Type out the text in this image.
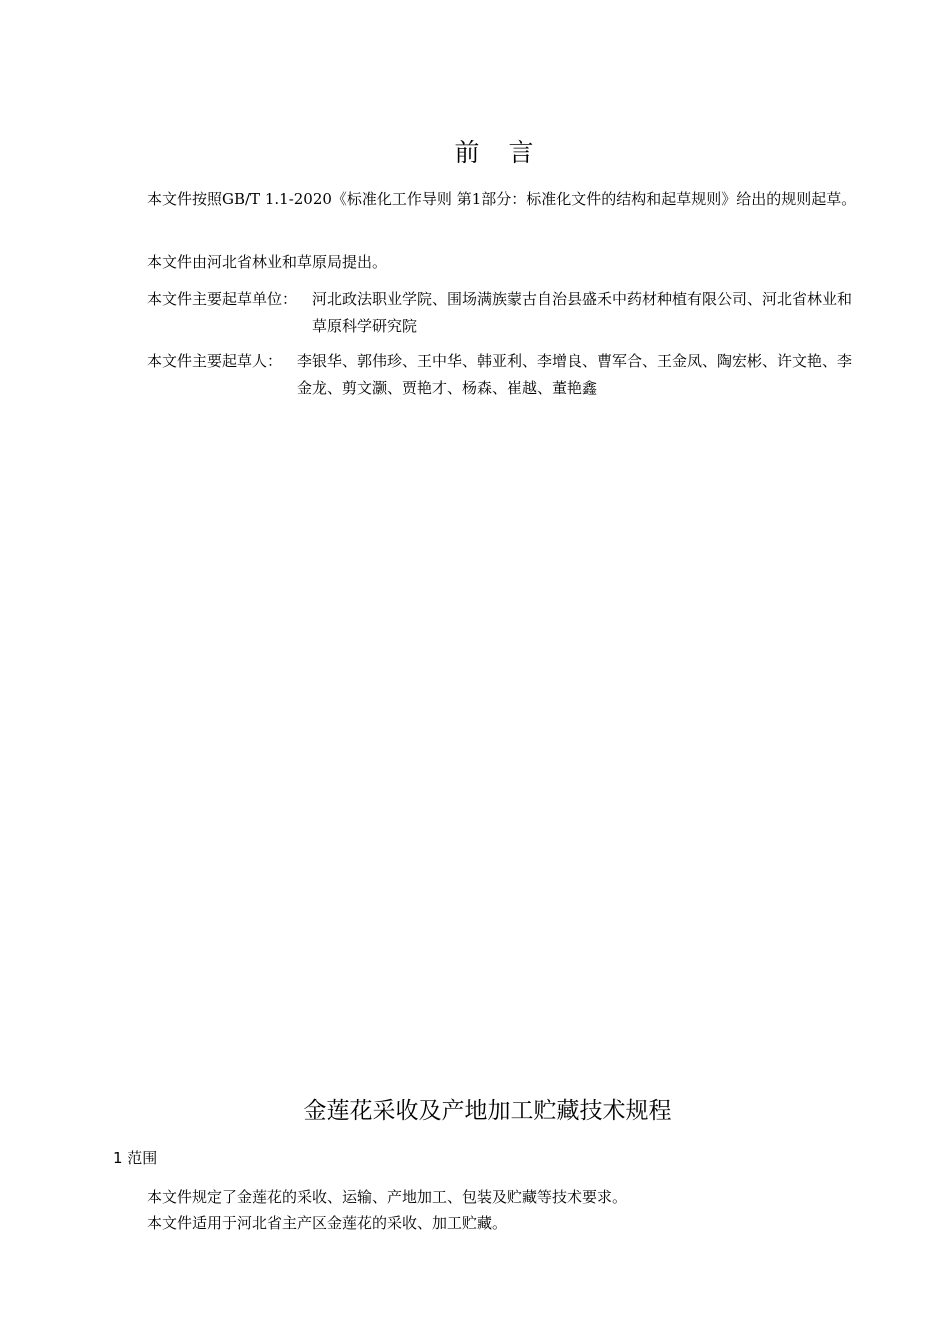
前　言
本文件按照GB/T 1.1-2020《标准化工作导则 第1部分：标准化文件的结构和起草规则》给出的规则起草。
本文件由河北省林业和草原局提出。
本文件主要起草单位： 河北政法职业学院、围场满族蒙古自治县盛禾中药材种植有限公司、河北省林业和草原科学研究院
本文件主要起草人： 李银华、郭伟珍、王中华、韩亚利、李增良、曹军合、王金凤、陶宏彬、许文艳、李金龙、剪文灏、贾艳才、杨森、崔越、董艳鑫
金莲花采收及产地加工贮藏技术规程
1 范围
本文件规定了金莲花的采收、运输、产地加工、包装及贮藏等技术要求。
本文件适用于河北省主产区金莲花的采收、加工贮藏。
